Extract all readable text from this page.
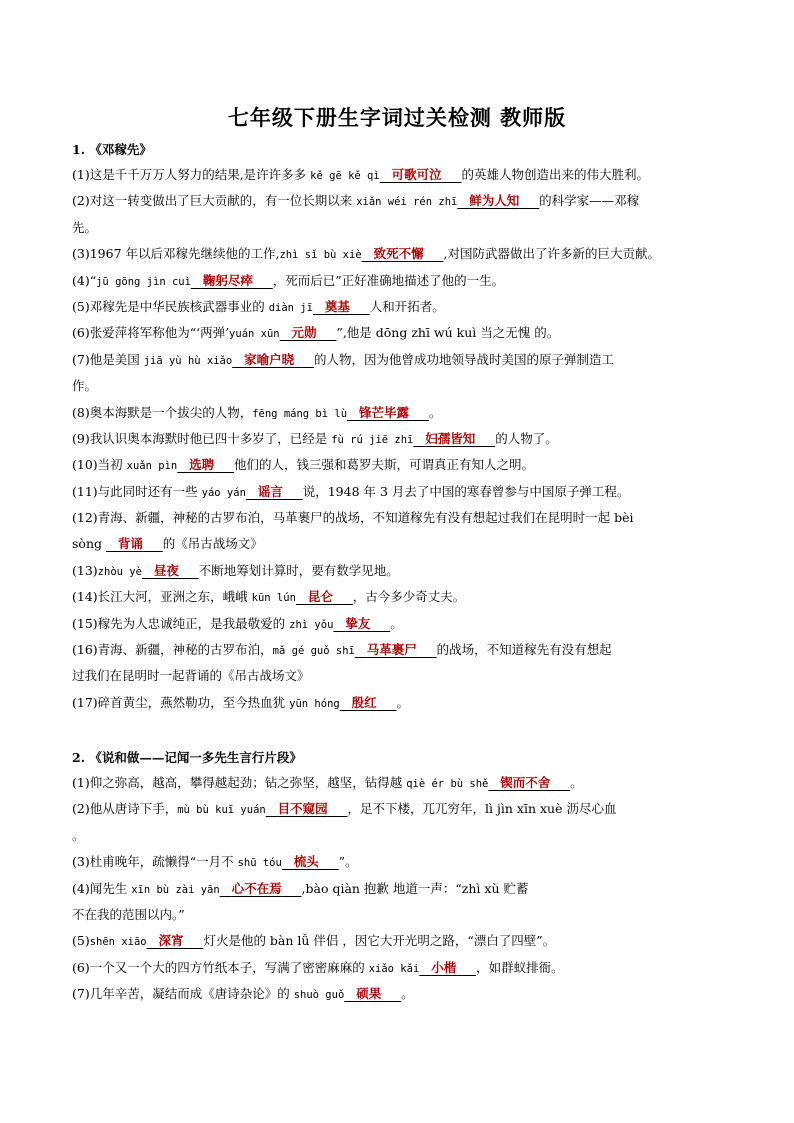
七年级下册生字词过关检测 教师版
1. 《邓稼先》
(1)这是千千万万人努力的结果,是许许多多 kě gē kě qì 可歌可泣 的英雄人物创造出来的伟大胜利。
(2)对这一转变做出了巨大贡献的，有一位长期以来 xiǎn wéi rén zhī 鲜为人知 的科学家——邓稼
先。
(3)1967 年以后邓稼先继续他的工作,zhì sǐ bù xiè 致死不懈 ,对国防武器做出了许多新的巨大贡献。
(4)“jū gōng jìn cuì 鞠躬尽瘁 ，死而后已”正好准确地描述了他的一生。
(5)邓稼先是中华民族核武器事业的 diàn jī 奠基 人和开拓者。
(6)张爱萍将军称他为“‘两弹’yuán xūn 元勋 ”,他是 dōng zhī wú kuì 当之无愧 的。
(7)他是美国 jiā yù hù xiǎo 家喻户晓 的人物，因为他曾成功地领导战时美国的原子弹制造工
作。
(8)奥本海默是一个拔尖的人物，fēng máng bì lù 锋芒毕露 。
(9)我认识奥本海默时他已四十多岁了，已经是 fù rú jiē zhī 妇孺皆知 的人物了。
(10)当初 xuǎn pìn 选聘 他们的人，钱三强和葛罗夫斯，可谓真正有知人之明。
(11)与此同时还有一些 yáo yán 谣言 说，1948 年 3 月去了中国的寒春曾参与中国原子弹工程。
(12)青海、新疆，神秘的古罗布泊，马革裹尸的战场，不知道稼先有没有想起过我们在昆明时一起 bèi
sòng    背诵 的《吊古战场文》
(13)zhòu yè 昼夜 不断地筹划计算时，要有数学见地。
(14)长江大河，亚洲之东，峨峨 kūn lún 昆仑 ，古今多少奇丈夫。
(15)稼先为人忠诚纯正，是我最敬爱的 zhì yǒu 挚友 。
(16)青海、新疆，神秘的古罗布泊，mǎ gé guǒ shī 马革裹尸 的战场，不知道稼先有没有想起
过我们在昆明时一起背诵的《吊古战场文》
(17)碎首黄尘，燕然勒功，至今热血犹 yūn hóng 殷红 。
2. 《说和做——记闻一多先生言行片段》
(1)仰之弥高，越高，攀得越起劲；钻之弥坚，越坚，钻得越 qiè ér bù shě 锲而不舍 。
(2)他从唐诗下手，mù bù kuī yuán 目不窥园 ，足不下楼，兀兀穷年，lì jìn xīn xuè 沥尽心血
。
(3)杜甫晚年，疏懒得“一月不 shū tóu 梳头 ”。
(4)闻先生 xīn bù zài yān 心不在焉 ,bào qiàn 抱歉 地道一声：“zhì xù 贮蓄
不在我的范围以内。”
(5)shēn xiāo 深宵 灯火是他的 bàn lǚ 伴侣 ，因它大开光明之路，“漂白了四壁”。
(6)一个又一个大的四方竹纸本子，写满了密密麻麻的 xiǎo kǎi 小楷 ，如群蚁排衙。
(7)几年辛苦，凝结而成《唐诗杂论》的 shuò guǒ 硕果 。
